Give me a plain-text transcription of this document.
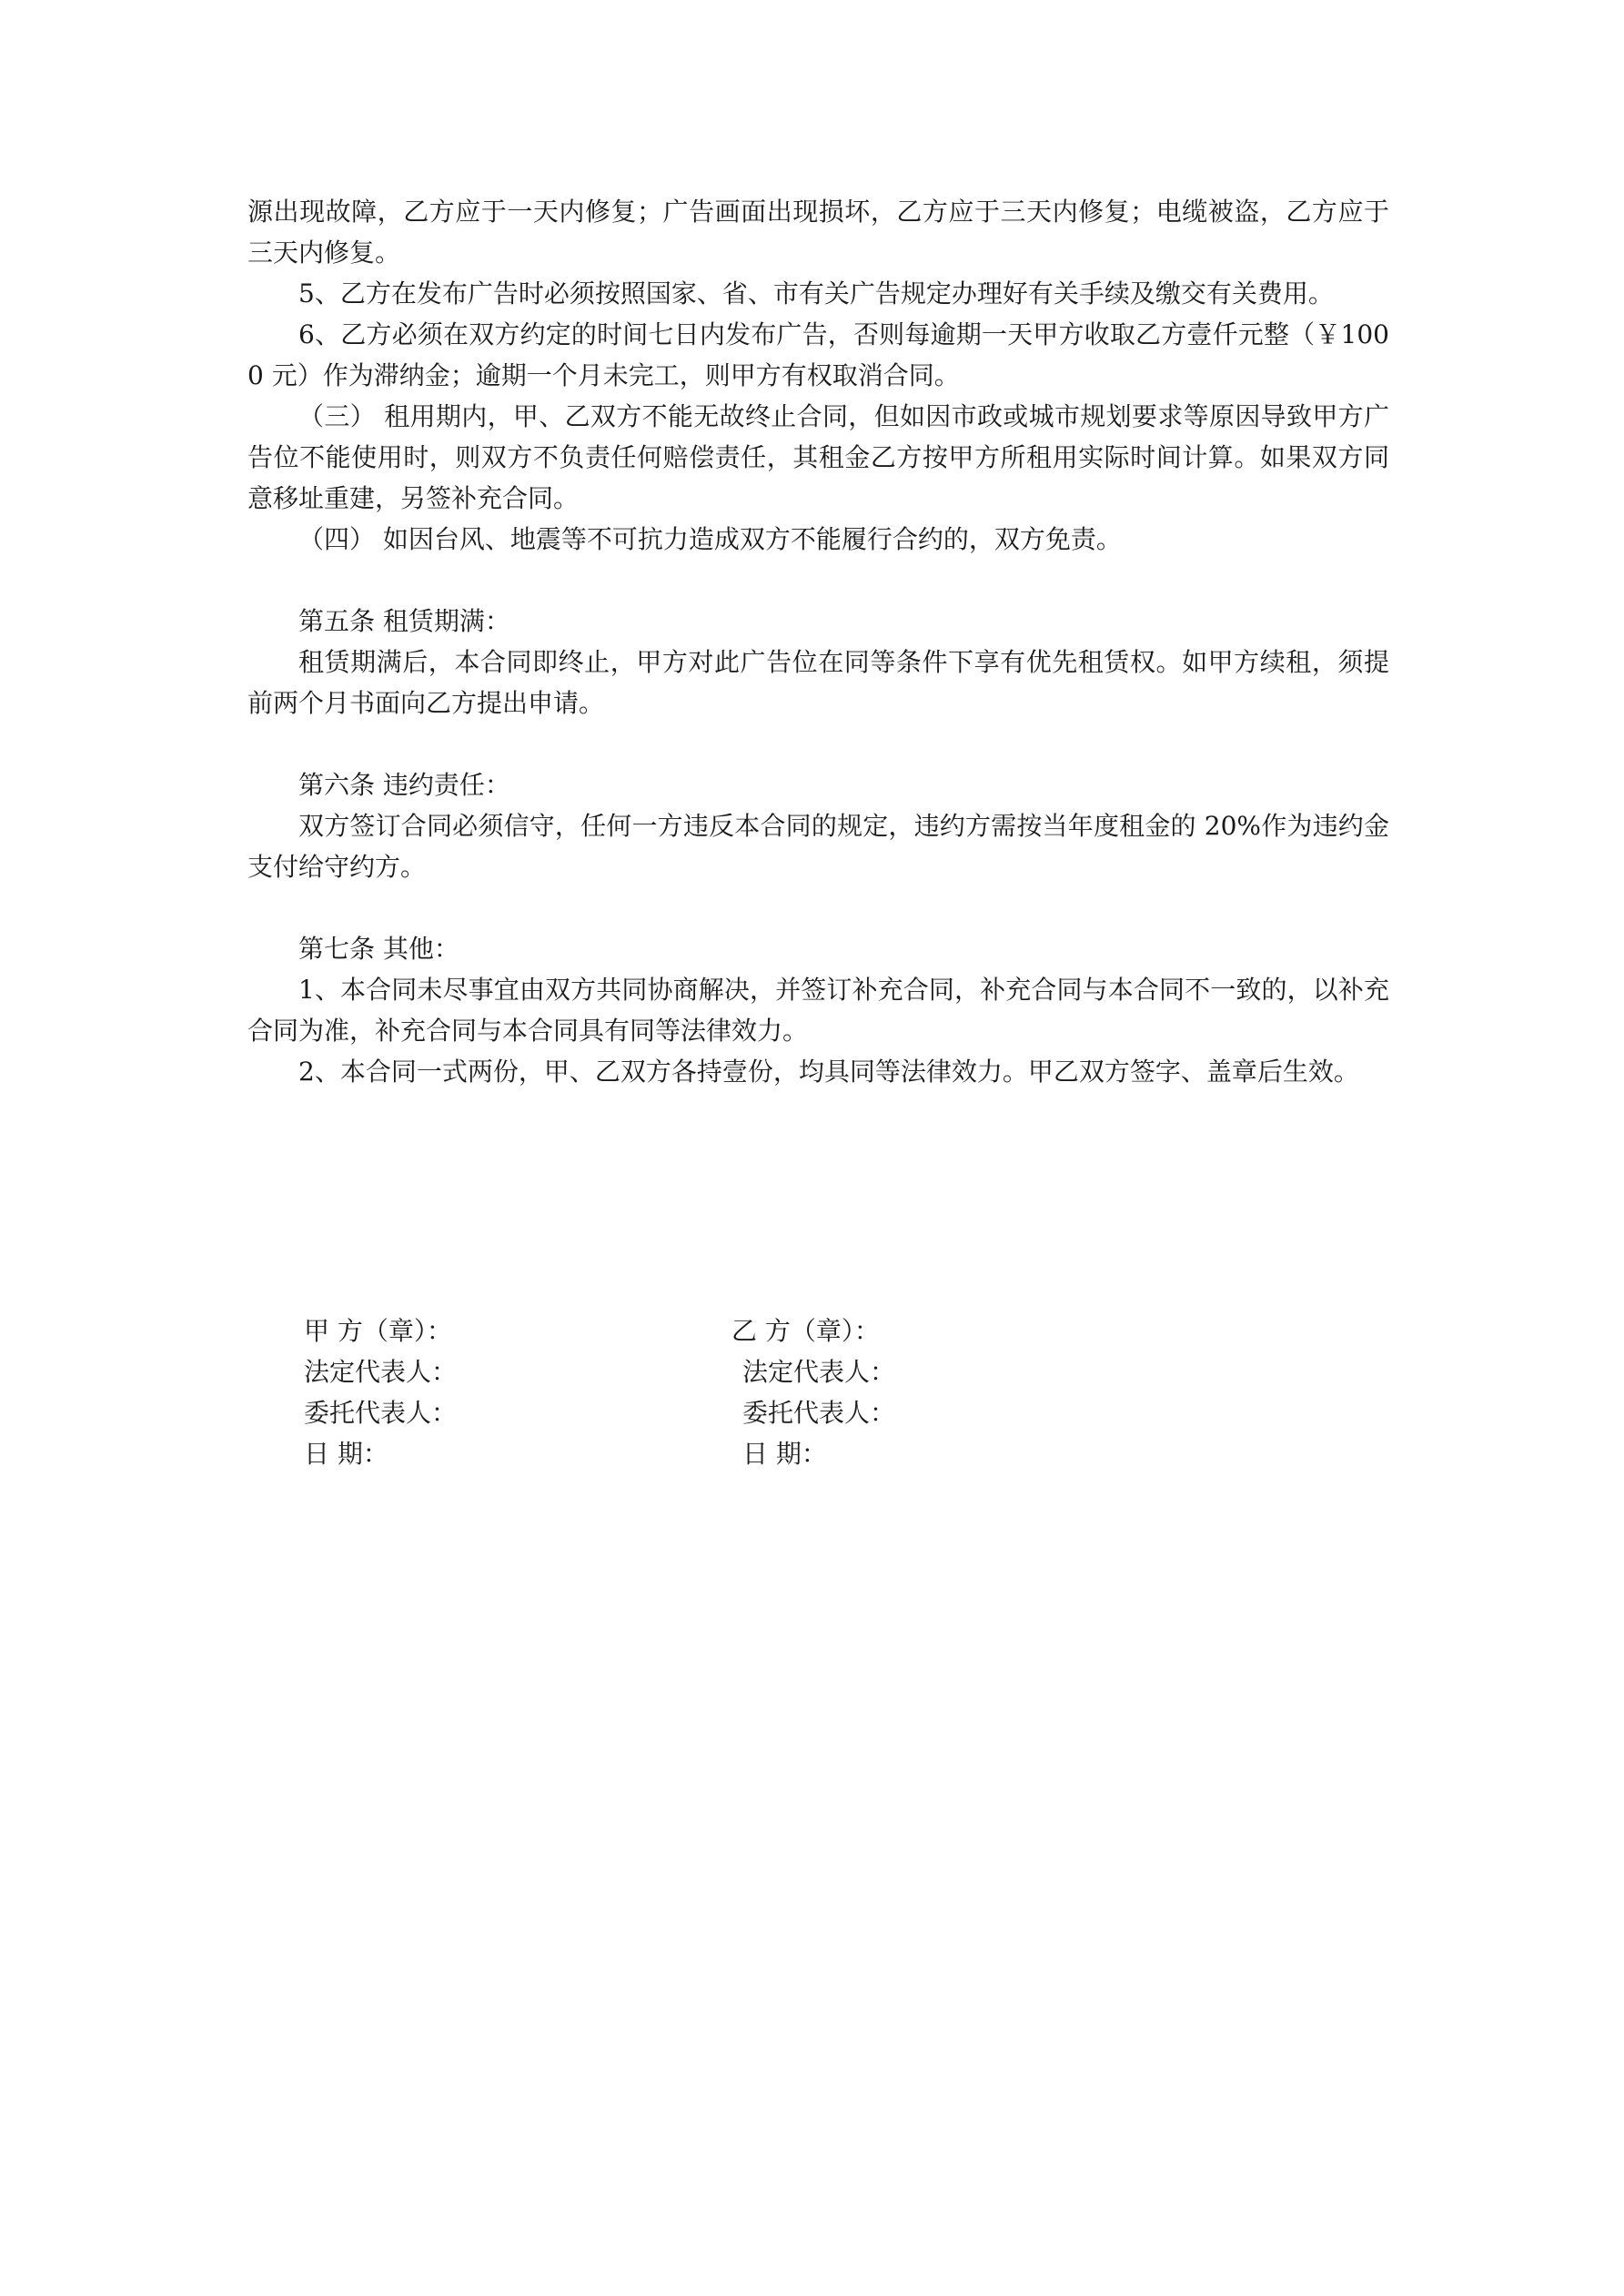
源出现故障，乙方应于一天内修复；广告画面出现损坏，乙方应于三天内修复；电缆被盗，乙方应于三天内修复。

5、乙方在发布广告时必须按照国家、省、市有关广告规定办理好有关手续及缴交有关费用。

6、乙方必须在双方约定的时间七日内发布广告，否则每逾期一天甲方收取乙方壹仟元整（￥1000 元）作为滞纳金；逾期一个月未完工，则甲方有权取消合同。

（三） 租用期内，甲、乙双方不能无故终止合同，但如因市政或城市规划要求等原因导致甲方广告位不能使用时，则双方不负责任何赔偿责任，其租金乙方按甲方所租用实际时间计算。如果双方同意移址重建，另签补充合同。

（四） 如因台风、地震等不可抗力造成双方不能履行合约的，双方免责。

第五条 租赁期满：

租赁期满后，本合同即终止，甲方对此广告位在同等条件下享有优先租赁权。如甲方续租，须提前两个月书面向乙方提出申请。

第六条 违约责任：

双方签订合同必须信守，任何一方违反本合同的规定，违约方需按当年度租金的 20%作为违约金支付给守约方。

第七条 其他：

1、本合同未尽事宜由双方共同协商解决，并签订补充合同，补充合同与本合同不一致的，以补充合同为准，补充合同与本合同具有同等法律效力。

2、本合同一式两份，甲、乙双方各持壹份，均具同等法律效力。甲乙双方签字、盖章后生效。

甲 方（章）：	乙 方（章）：
法定代表人：	法定代表人：
委托代表人：	委托代表人：
日 期：	日 期：
